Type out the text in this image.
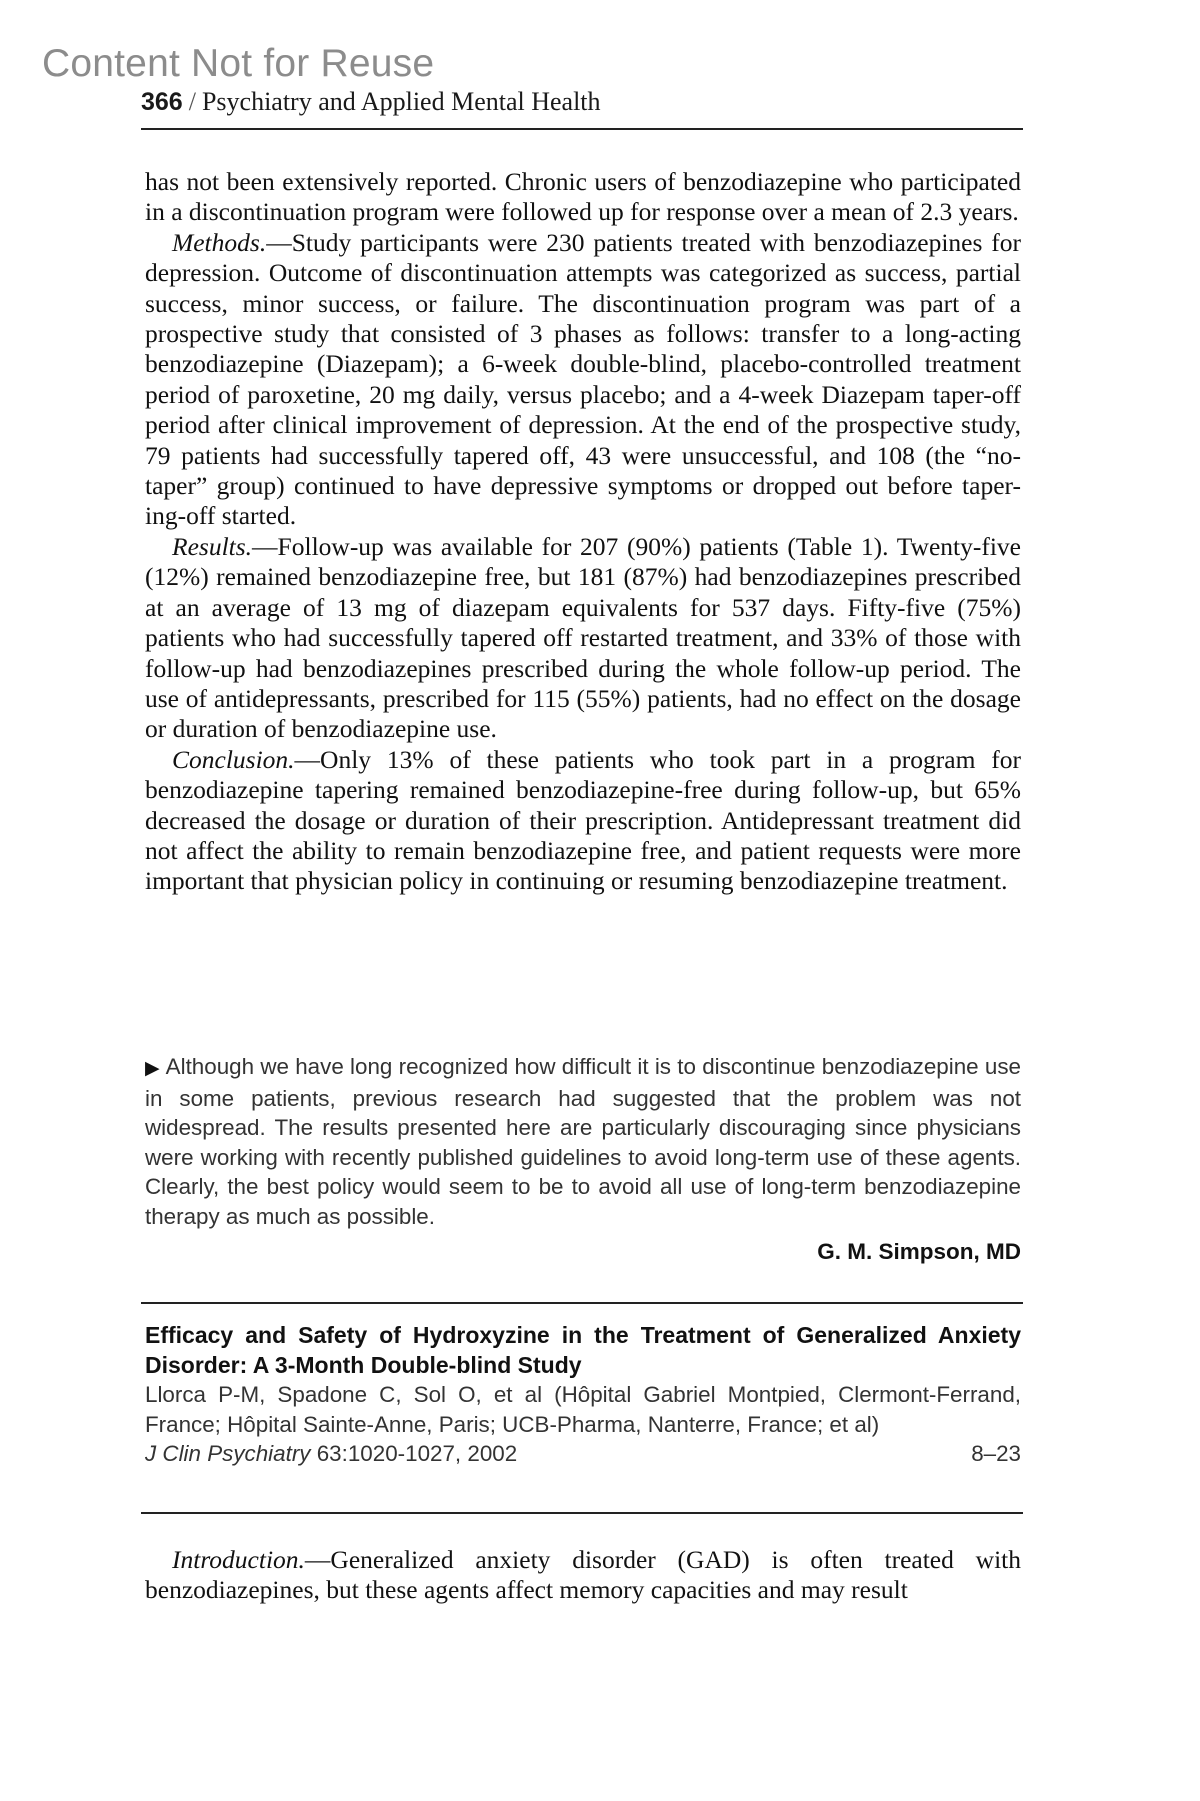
Content Not for Reuse
366 / Psychiatry and Applied Mental Health

has not been extensively reported. Chronic users of benzodiazepine who participated in a discontinuation program were followed up for response over a mean of 2.3 years.

Methods.—Study participants were 230 patients treated with benzodiazepines for depression. Outcome of discontinuation attempts was categorized as success, partial success, minor success, or failure. The discontinuation program was part of a prospective study that consisted of 3 phases as follows: transfer to a long-acting benzodiazepine (Diazepam); a 6-week double-blind, placebo-controlled treatment period of paroxetine, 20 mg daily, versus placebo; and a 4-week Diazepam taper-off period after clinical improvement of depression. At the end of the prospective study, 79 patients had successfully tapered off, 43 were unsuccessful, and 108 (the “no-taper” group) continued to have depressive symptoms or dropped out before taper-ing-off started.

Results.—Follow-up was available for 207 (90%) patients (Table 1). Twenty-five (12%) remained benzodiazepine free, but 181 (87%) had benzodiazepines prescribed at an average of 13 mg of diazepam equivalents for 537 days. Fifty-five (75%) patients who had successfully tapered off restarted treatment, and 33% of those with follow-up had benzodiazepines prescribed during the whole follow-up period. The use of antidepressants, prescribed for 115 (55%) patients, had no effect on the dosage or duration of benzodiazepine use.

Conclusion.—Only 13% of these patients who took part in a program for benzodiazepine tapering remained benzodiazepine-free during follow-up, but 65% decreased the dosage or duration of their prescription. Antidepressant treatment did not affect the ability to remain benzodiazepine free, and patient requests were more important that physician policy in continuing or resuming benzodiazepine treatment.

▶ Although we have long recognized how difficult it is to discontinue benzodiazepine use in some patients, previous research had suggested that the problem was not widespread. The results presented here are particularly discouraging since physicians were working with recently published guidelines to avoid long-term use of these agents. Clearly, the best policy would seem to be to avoid all use of long-term benzodiazepine therapy as much as possible.
G. M. Simpson, MD
Efficacy and Safety of Hydroxyzine in the Treatment of Generalized Anxiety Disorder: A 3-Month Double-blind Study
Llorca P-M, Spadone C, Sol O, et al (Hôpital Gabriel Montpied, Clermont-Ferrand, France; Hôpital Sainte-Anne, Paris; UCB-Pharma, Nanterre, France; et al)
J Clin Psychiatry 63:1020-1027, 2002	8–23

Introduction.—Generalized anxiety disorder (GAD) is often treated with benzodiazepines, but these agents affect memory capacities and may result
